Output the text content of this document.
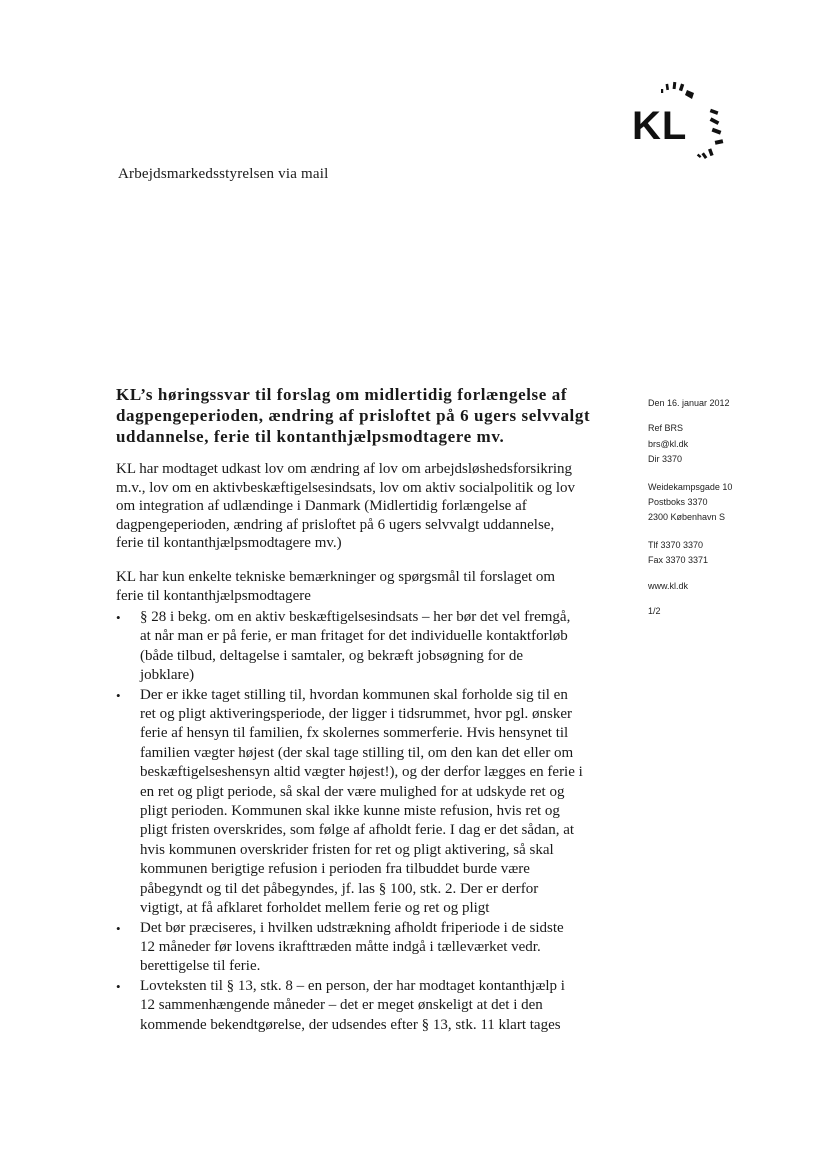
KL
Arbejdsmarkedsstyrelsen via mail
KL’s høringssvar til forslag om midlertidig forlængelse af
dagpengeperioden, ændring af prisloftet på 6 ugers selvvalgt
uddannelse, ferie til kontanthjælpsmodtagere mv.
KL har modtaget udkast lov om ændring af lov om arbejdsløshedsforsikring
m.v., lov om en aktivbeskæftigelsesindsats, lov om aktiv socialpolitik og lov
om integration af udlændinge i Danmark (Midlertidig forlængelse af
dagpengeperioden, ændring af prisloftet på 6 ugers selvvalgt uddannelse,
ferie til kontanthjælpsmodtagere mv.)
KL har kun enkelte tekniske bemærkninger og spørgsmål til forslaget om
ferie til kontanthjælpsmodtagere
• § 28 i bekg. om en aktiv beskæftigelsesindsats – her bør det vel fremgå,
at når man er på ferie, er man fritaget for det individuelle kontaktforløb
(både tilbud, deltagelse i samtaler, og bekræft jobsøgning for de
jobklare)
• Der er ikke taget stilling til, hvordan kommunen skal forholde sig til en
ret og pligt aktiveringsperiode, der ligger i tidsrummet, hvor pgl. ønsker
ferie af hensyn til familien, fx skolernes sommerferie. Hvis hensynet til
familien vægter højest (der skal tage stilling til, om den kan det eller om
beskæftigelseshensyn altid vægter højest!), og der derfor lægges en ferie i
en ret og pligt periode, så skal der være mulighed for at udskyde ret og
pligt perioden. Kommunen skal ikke kunne miste refusion, hvis ret og
pligt fristen overskrides, som følge af afholdt ferie. I dag er det sådan, at
hvis kommunen overskrider fristen for ret og pligt aktivering, så skal
kommunen berigtige refusion i perioden fra tilbuddet burde være
påbegyndt og til det påbegyndes, jf. las § 100, stk. 2. Der er derfor
vigtigt, at få afklaret forholdet mellem ferie og ret og pligt
• Det bør præciseres, i hvilken udstrækning afholdt friperiode i de sidste
12 måneder før lovens ikrafttræden måtte indgå i tælleværket vedr.
berettigelse til ferie.
• Lovteksten til § 13, stk. 8 – en person, der har modtaget kontanthjælp i
12 sammenhængende måneder – det er meget ønskeligt at det i den
kommende bekendtgørelse, der udsendes efter § 13, stk. 11 klart tages
Den 16. januar 2012
Ref BRS
brs@kl.dk
Dir 3370
Weidekampsgade 10
Postboks 3370
2300 København S
Tlf 3370 3370
Fax 3370 3371
www.kl.dk
1/2
